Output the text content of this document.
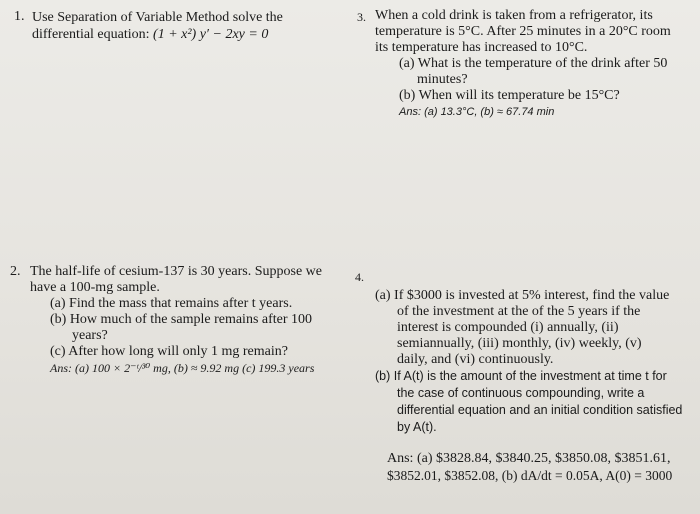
1. Use Separation of Variable Method solve the
differential equation: (1 + x²) y′ − 2xy = 0
3. When a cold drink is taken from a refrigerator, its
temperature is 5°C. After 25 minutes in a 20°C room
its temperature has increased to 10°C.
(a) What is the temperature of the drink after 50
minutes?
(b) When will its temperature be 15°C?
Ans: (a) 13.3°C, (b) ≈ 67.74 min
2. The half-life of cesium-137 is 30 years. Suppose we
have a 100-mg sample.
(a) Find the mass that remains after t years.
(b) How much of the sample remains after 100
years?
(c) After how long will only 1 mg remain?
Ans: (a) 100 × 2⁻ᵗ/³⁰ mg, (b) ≈ 9.92 mg (c) 199.3 years
4.
(a) If $3000 is invested at 5% interest, find the value
of the investment at the of the 5 years if the
interest is compounded (i) annually, (ii)
semiannually, (iii) monthly, (iv) weekly, (v)
daily, and (vi) continuously.
(b) If A(t) is the amount of the investment at time t for
the case of continuous compounding, write a
differential equation and an initial condition satisfied
by A(t).
Ans: (a) $3828.84, $3840.25, $3850.08, $3851.61,
$3852.01, $3852.08, (b) dA/dt = 0.05A, A(0) = 3000
